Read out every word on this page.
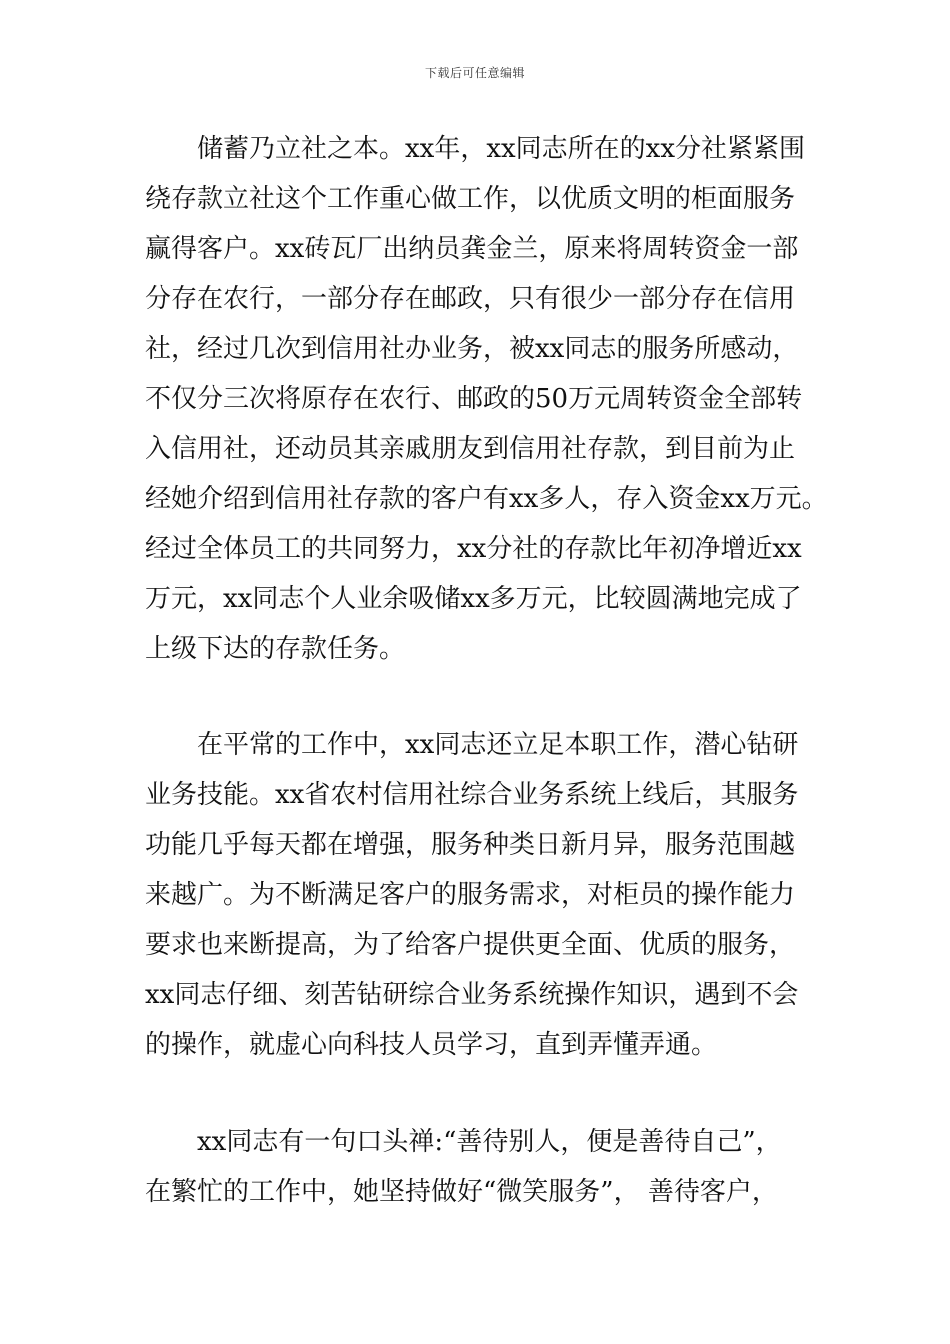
下载后可任意编辑
储蓄乃立社之本。xx年，xx同志所在的xx分社紧紧围
绕存款立社这个工作重心做工作，以优质文明的柜面服务
赢得客户。xx砖瓦厂出纳员龚金兰，原来将周转资金一部
分存在农行，一部分存在邮政，只有很少一部分存在信用
社，经过几次到信用社办业务，被xx同志的服务所感动，
不仅分三次将原存在农行、邮政的50万元周转资金全部转
入信用社，还动员其亲戚朋友到信用社存款，到目前为止
经她介绍到信用社存款的客户有xx多人，存入资金xx万元。
经过全体员工的共同努力，xx分社的存款比年初净增近xx
万元，xx同志个人业余吸储xx多万元，比较圆满地完成了
上级下达的存款任务。
在平常的工作中，xx同志还立足本职工作，潜心钻研
业务技能。xx省农村信用社综合业务系统上线后，其服务
功能几乎每天都在增强，服务种类日新月异，服务范围越
来越广。为不断满足客户的服务需求，对柜员的操作能力
要求也来断提高，为了给客户提供更全面、优质的服务，
xx同志仔细、刻苦钻研综合业务系统操作知识，遇到不会
的操作，就虚心向科技人员学习，直到弄懂弄通。
xx同志有一句口头禅:“善待别人，便是善待自己”，
在繁忙的工作中，她坚持做好“微笑服务”， 善待客户，
